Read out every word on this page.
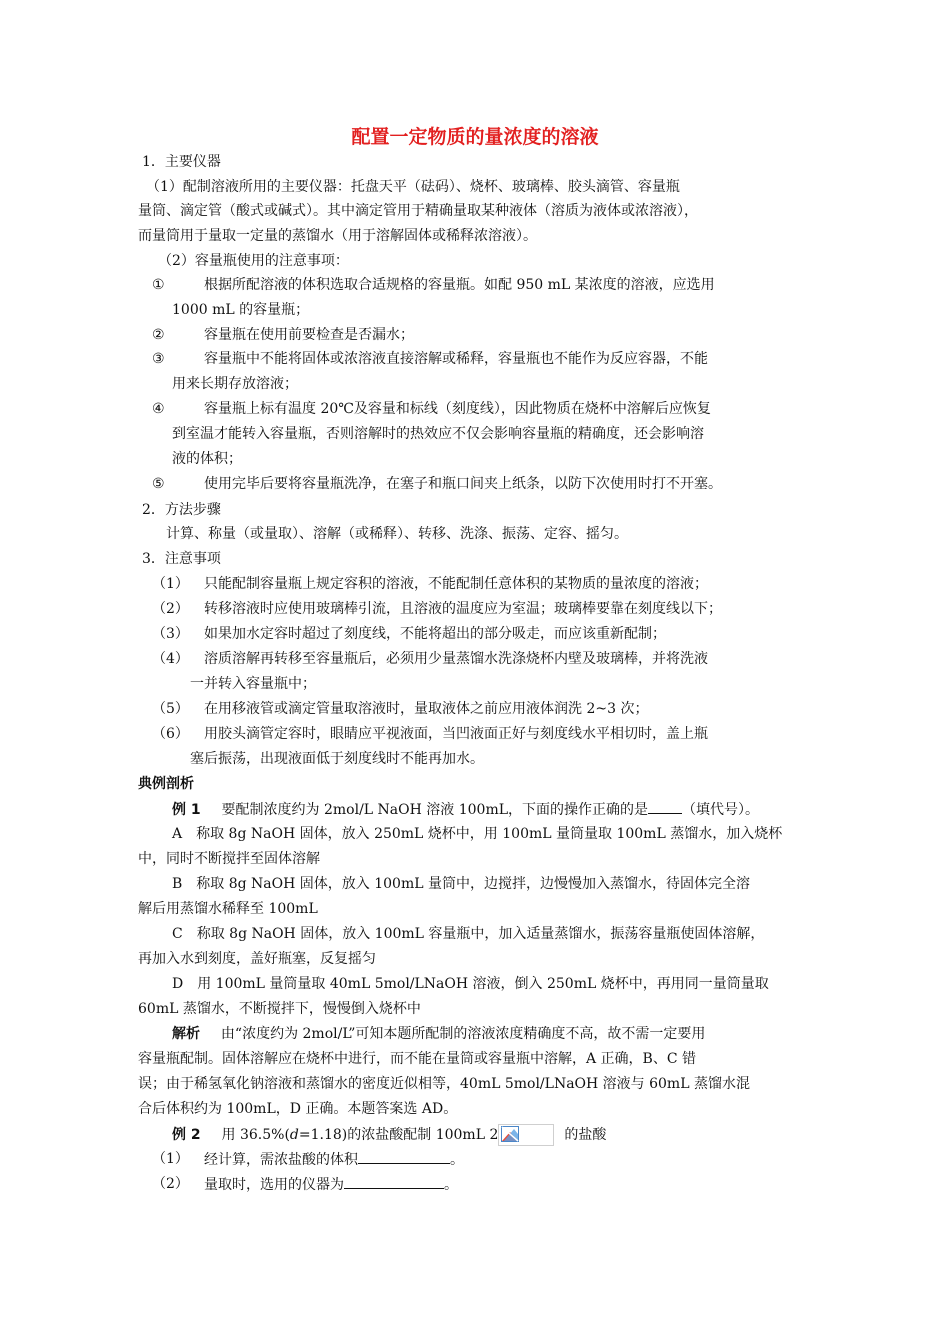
配置一定物质的量浓度的溶液
1．主要仪器
（1）配制溶液所用的主要仪器：托盘天平（砝码）、烧杯、玻璃棒、胶头滴管、容量瓶
量筒、滴定管（酸式或碱式）。其中滴定管用于精确量取某种液体（溶质为液体或浓溶液），
而量筒用于量取一定量的蒸馏水（用于溶解固体或稀释浓溶液）。
（2）容量瓶使用的注意事项：
①	根据所配溶液的体积选取合适规格的容量瓶。如配 950 mL 某浓度的溶液，应选用
1000 mL 的容量瓶；
②	容量瓶在使用前要检查是否漏水；
③	容量瓶中不能将固体或浓溶液直接溶解或稀释，容量瓶也不能作为反应容器，不能
用来长期存放溶液；
④	容量瓶上标有温度 20℃及容量和标线（刻度线），因此物质在烧杯中溶解后应恢复
到室温才能转入容量瓶，否则溶解时的热效应不仅会影响容量瓶的精确度，还会影响溶
液的体积；
⑤	使用完毕后要将容量瓶洗净，在塞子和瓶口间夹上纸条，以防下次使用时打不开塞。
2．方法步骤
计算、称量（或量取）、溶解（或稀释）、转移、洗涤、振荡、定容、摇匀。
3．注意事项
（1） 只能配制容量瓶上规定容积的溶液，不能配制任意体积的某物质的量浓度的溶液；
（2） 转移溶液时应使用玻璃棒引流，且溶液的温度应为室温；玻璃棒要靠在刻度线以下；
（3） 如果加水定容时超过了刻度线，不能将超出的部分吸走，而应该重新配制；
（4） 溶质溶解再转移至容量瓶后，必须用少量蒸馏水洗涤烧杯内壁及玻璃棒，并将洗液
一并转入容量瓶中；
（5） 在用移液管或滴定管量取溶液时，量取液体之前应用液体润洗 2~3 次；
（6） 用胶头滴管定容时，眼睛应平视液面，当凹液面正好与刻度线水平相切时，盖上瓶
塞后振荡，出现液面低于刻度线时不能再加水。
典例剖析
例 1 要配制浓度约为 2mol/L NaOH 溶液 100mL，下面的操作正确的是 （填代号）。
A　称取 8g NaOH 固体，放入 250mL 烧杯中，用 100mL 量筒量取 100mL 蒸馏水，加入烧杯
中，同时不断搅拌至固体溶解
B　称取 8g NaOH 固体，放入 100mL 量筒中，边搅拌，边慢慢加入蒸馏水，待固体完全溶
解后用蒸馏水稀释至 100mL
C　称取 8g NaOH 固体，放入 100mL 容量瓶中，加入适量蒸馏水，振荡容量瓶使固体溶解，
再加入水到刻度，盖好瓶塞，反复摇匀
D　用 100mL 量筒量取 40mL 5mol/LNaOH 溶液，倒入 250mL 烧杯中，再用同一量筒量取
60mL 蒸馏水，不断搅拌下，慢慢倒入烧杯中
解析 由“浓度约为 2mol/L”可知本题所配制的溶液浓度精确度不高，故不需一定要用
容量瓶配制。固体溶解应在烧杯中进行，而不能在量筒或容量瓶中溶解，A 正确，B、C 错
误；由于稀氢氧化钠溶液和蒸馏水的密度近似相等，40mL 5mol/LNaOH 溶液与 60mL 蒸馏水混
合后体积约为 100mL，D 正确。本题答案选 AD。
例 2 用 36.5%(d=1.18)的浓盐酸配制 100mL 2	的盐酸
（1） 经计算，需浓盐酸的体积	。
（2） 量取时，选用的仪器为	。
